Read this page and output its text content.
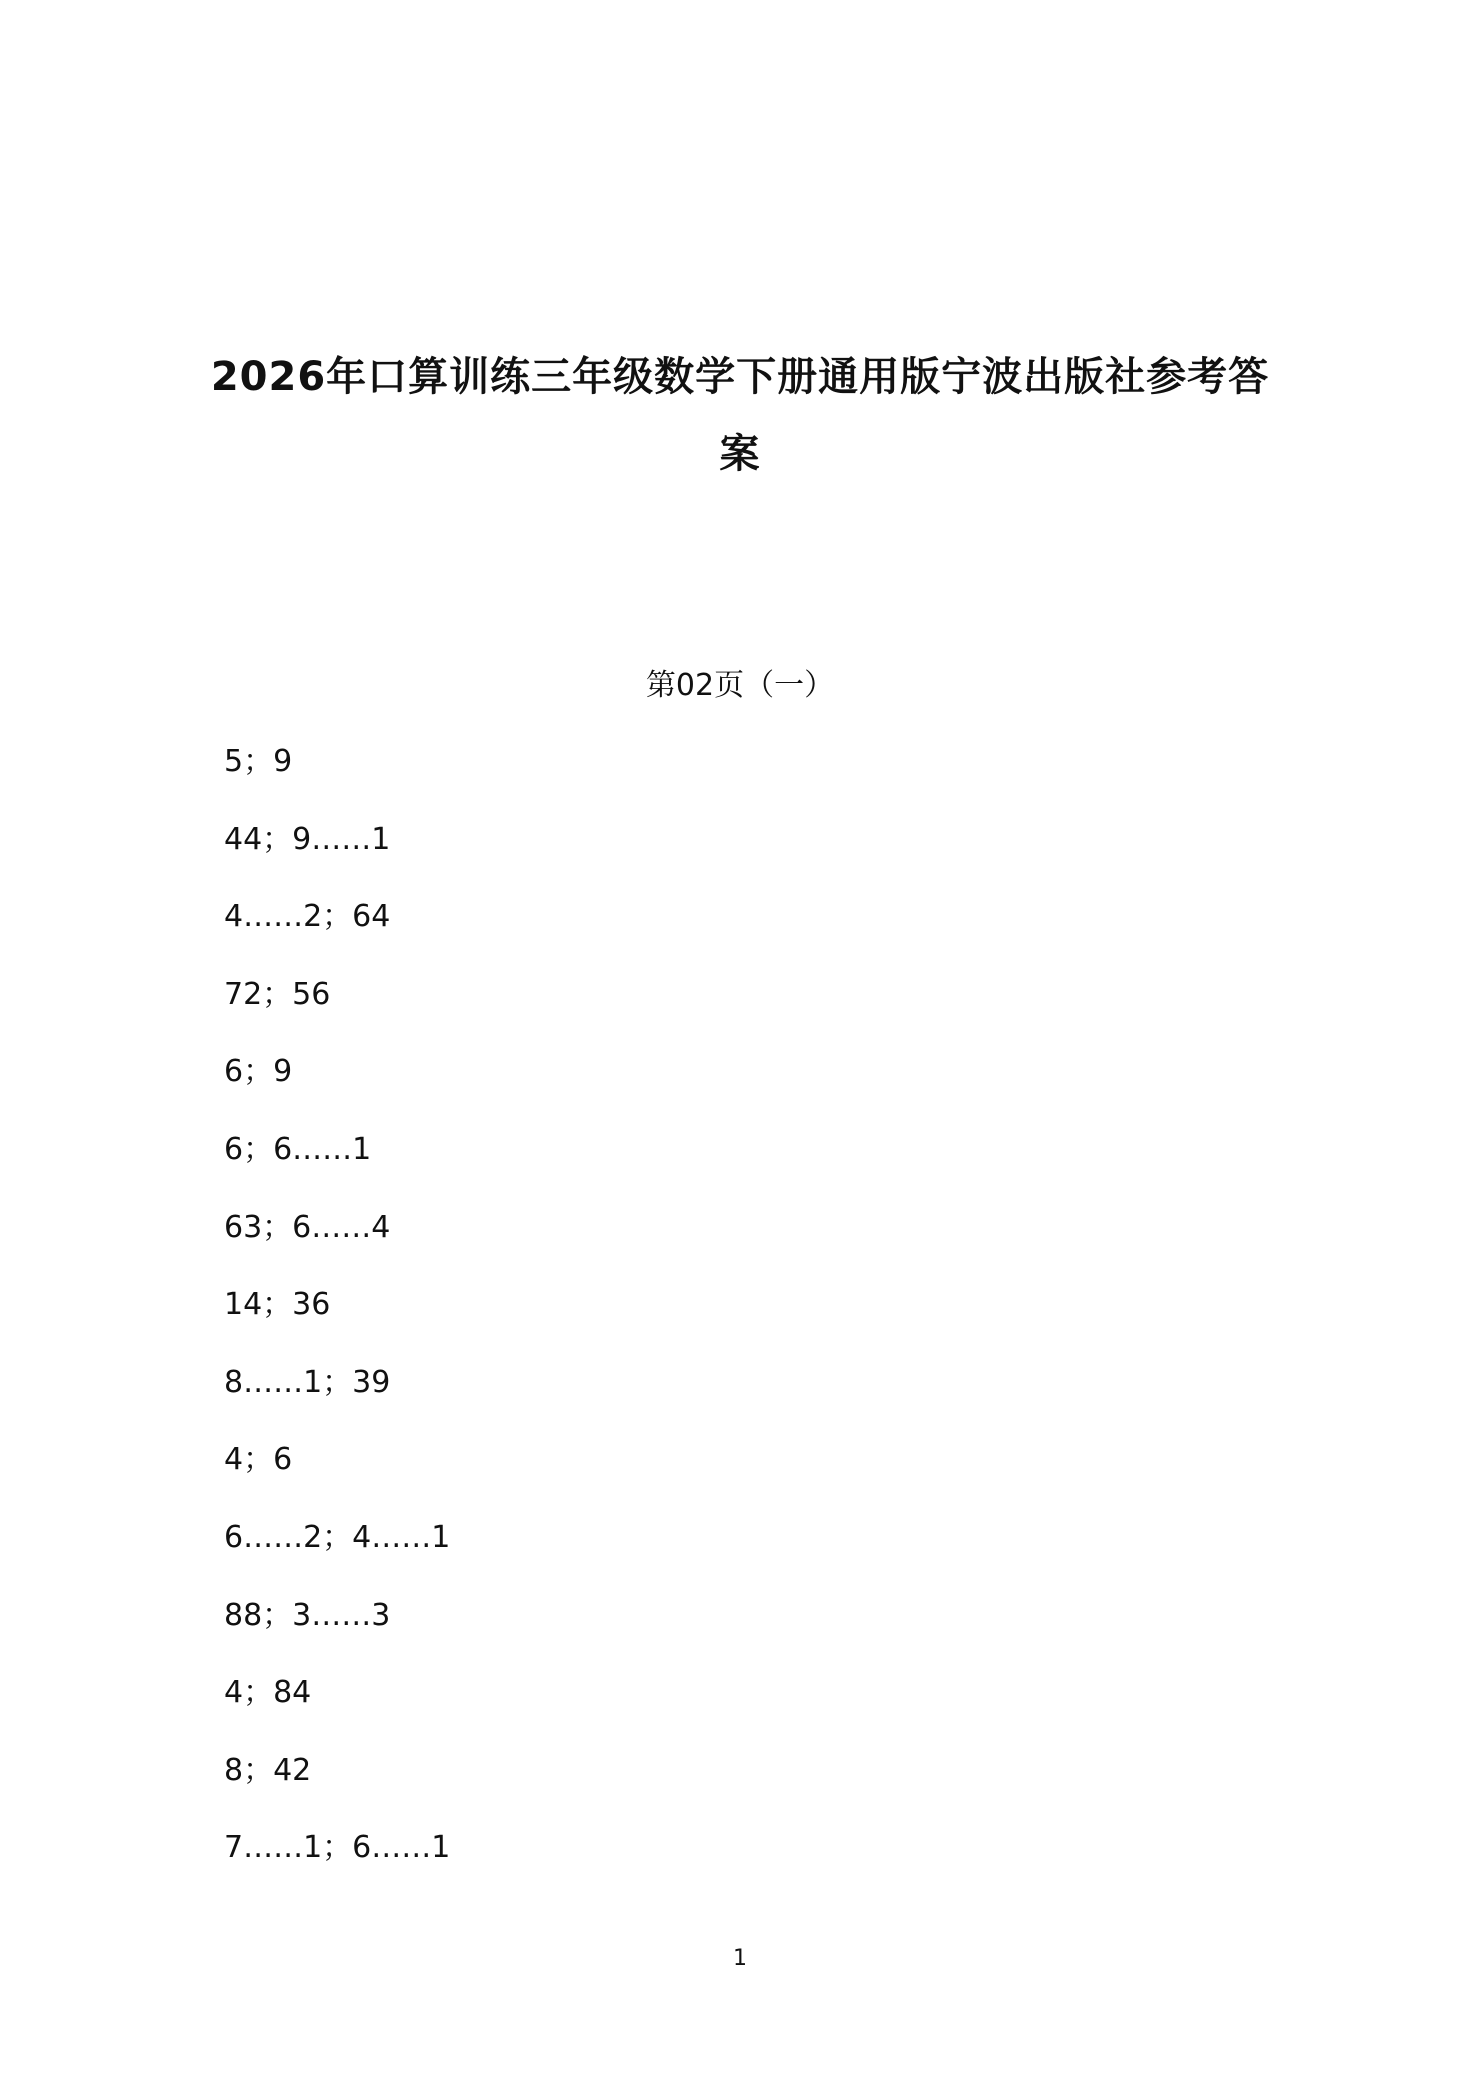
2026年口算训练三年级数学下册通用版宁波出版社参考答
案
第02页（一）
5；9
44；9……1
4……2；64
72；56
6；9
6；6……1
63；6……4
14；36
8……1；39
4；6
6……2；4……1
88；3……3
4；84
8；42
7……1；6……1
1
